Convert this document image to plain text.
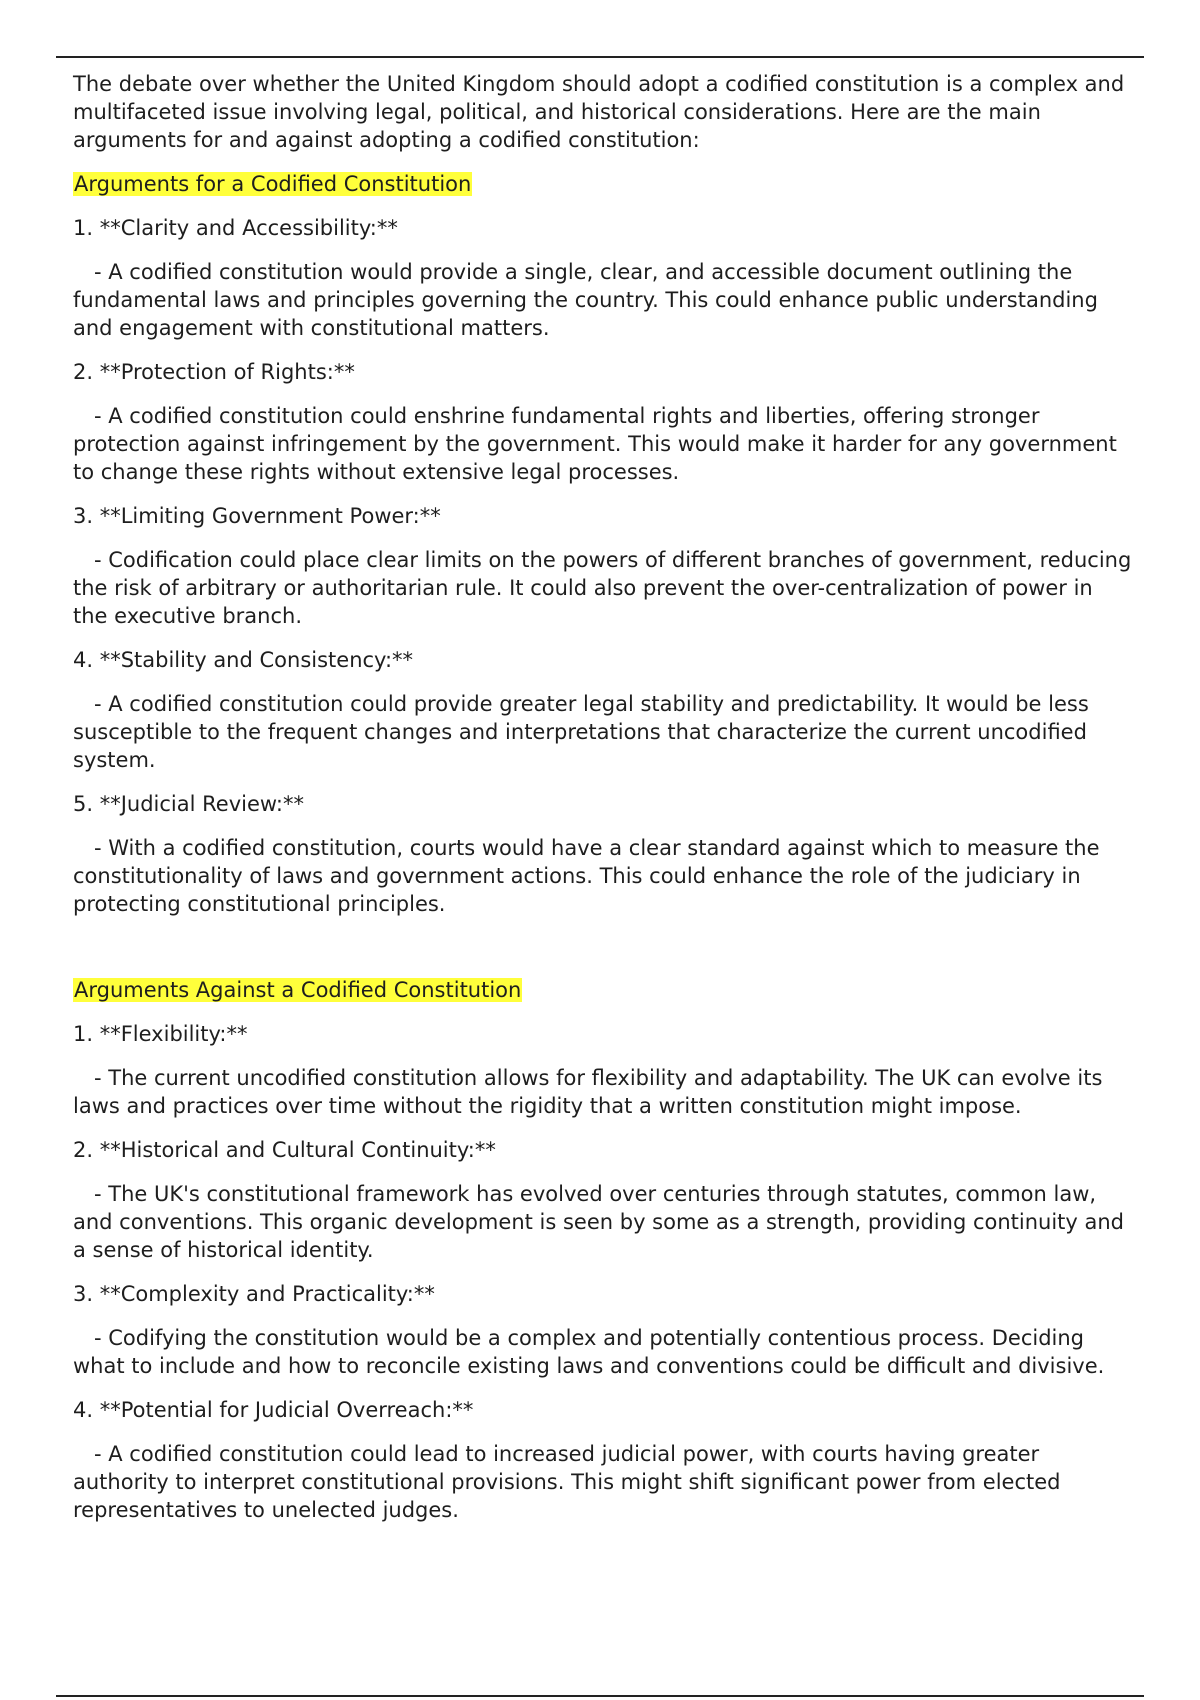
The debate over whether the United Kingdom should adopt a codified constitution is a complex and multifaceted issue involving legal, political, and historical considerations. Here are the main arguments for and against adopting a codified constitution:

Arguments for a Codified Constitution

1. **Clarity and Accessibility:**

- A codified constitution would provide a single, clear, and accessible document outlining the fundamental laws and principles governing the country. This could enhance public understanding and engagement with constitutional matters.

2. **Protection of Rights:**

- A codified constitution could enshrine fundamental rights and liberties, offering stronger protection against infringement by the government. This would make it harder for any government to change these rights without extensive legal processes.

3. **Limiting Government Power:**

- Codification could place clear limits on the powers of different branches of government, reducing the risk of arbitrary or authoritarian rule. It could also prevent the over-centralization of power in the executive branch.

4. **Stability and Consistency:**

- A codified constitution could provide greater legal stability and predictability. It would be less susceptible to the frequent changes and interpretations that characterize the current uncodified system.

5. **Judicial Review:**

- With a codified constitution, courts would have a clear standard against which to measure the constitutionality of laws and government actions. This could enhance the role of the judiciary in protecting constitutional principles.

Arguments Against a Codified Constitution

1. **Flexibility:**

- The current uncodified constitution allows for flexibility and adaptability. The UK can evolve its laws and practices over time without the rigidity that a written constitution might impose.

2. **Historical and Cultural Continuity:**

- The UK's constitutional framework has evolved over centuries through statutes, common law, and conventions. This organic development is seen by some as a strength, providing continuity and a sense of historical identity.

3. **Complexity and Practicality:**

- Codifying the constitution would be a complex and potentially contentious process. Deciding what to include and how to reconcile existing laws and conventions could be difficult and divisive.

4. **Potential for Judicial Overreach:**

- A codified constitution could lead to increased judicial power, with courts having greater authority to interpret constitutional provisions. This might shift significant power from elected representatives to unelected judges.
